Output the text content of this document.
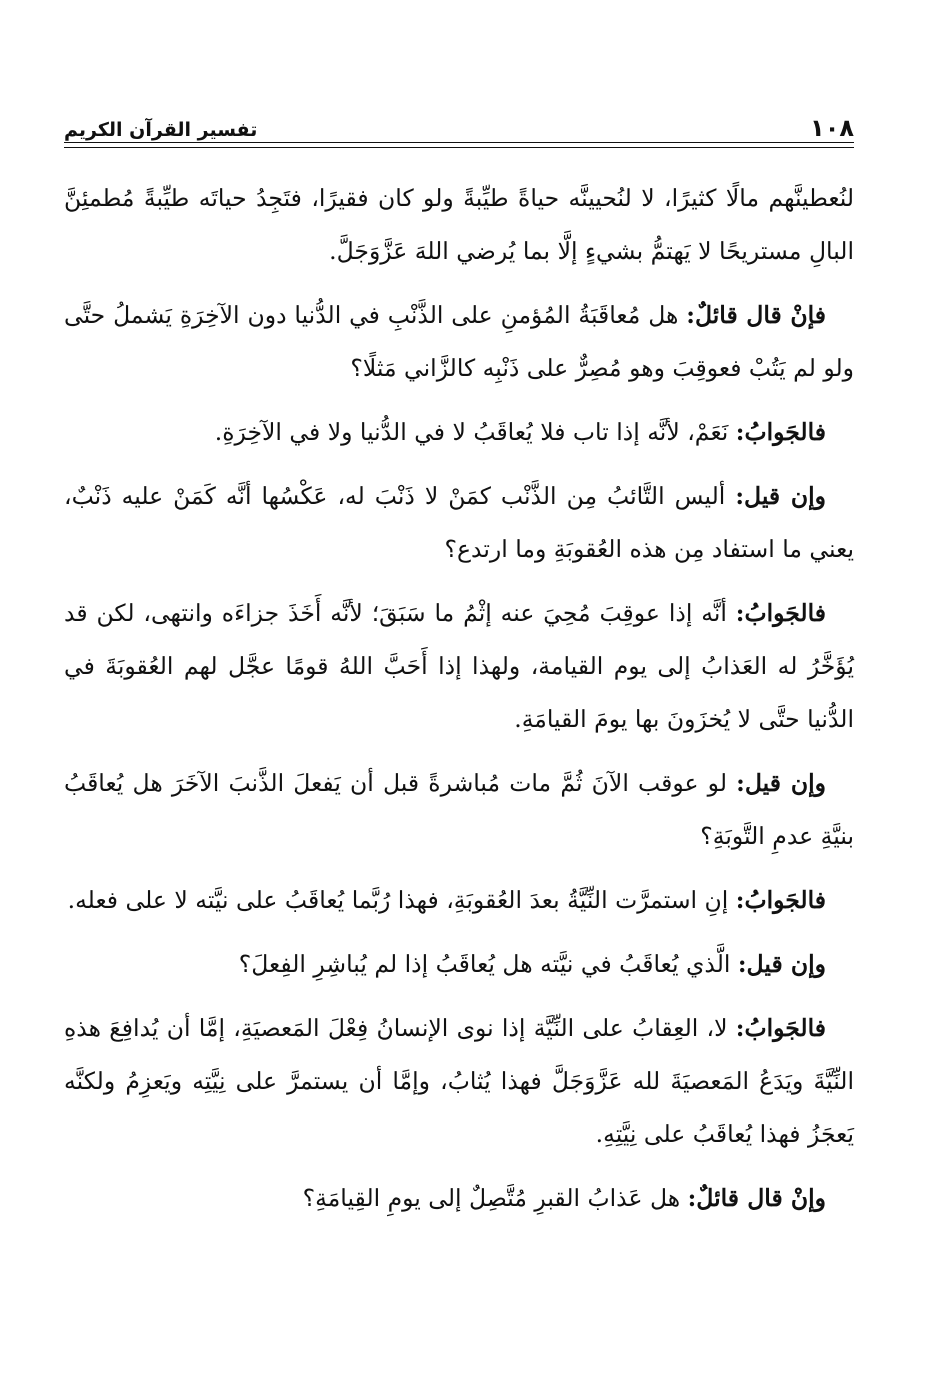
١٠٨
تفسير القرآن الكريم

لنُعطينَّهم مالًا كثيرًا، لا لنُحيينَّه حياةً طيِّبةً ولو كان فقيرًا، فتَجِدُ حياتَه طيِّبةً مُطمئِنَّ البالِ مستريحًا لا يَهتمُّ بشيءٍ إلَّا بما يُرضي اللهَ عَزَّوَجَلَّ.

فإنْ قال قائلٌ: هل مُعاقَبَةُ المُؤمنِ على الذَّنْبِ في الدُّنيا دون الآخِرَةِ يَشملُ حتَّى ولو لم يَتُبْ فعوقِبَ وهو مُصِرٌّ على ذَنْبِه كالزَّاني مَثلًا؟

فالجَوابُ: نَعَمْ، لأنَّه إذا تاب فلا يُعاقَبُ لا في الدُّنيا ولا في الآخِرَةِ.

وإن قيل: أليس التَّائبُ مِن الذَّنْب كمَنْ لا ذَنْبَ له، عَكْسُها أنَّه كَمَنْ عليه ذَنْبٌ، يعني ما استفاد مِن هذه العُقوبَةِ وما ارتدع؟

فالجَوابُ: أنَّه إذا عوقِبَ مُحِيَ عنه إثْمُ ما سَبَقَ؛ لأنَّه أَخَذَ جزاءَه وانتهى، لكن قد يُؤَخَّرُ له العَذابُ إلى يوم القيامة، ولهذا إذا أَحَبَّ اللهُ قومًا عجَّل لهم العُقوبَةَ في الدُّنيا حتَّى لا يُخزَونَ بها يومَ القيامَةِ.

وإن قيل: لو عوقب الآنَ ثُمَّ مات مُباشرةً قبل أن يَفعلَ الذَّنبَ الآخَرَ هل يُعاقَبُ بنيَّةِ عدمِ التَّوبَةِ؟

فالجَوابُ: إنِ استمرَّت النِّيَّةُ بعدَ العُقوبَةِ، فهذا رُبَّما يُعاقَبُ على نيَّته لا على فعله.

وإن قيل: الَّذي يُعاقَبُ في نيَّته هل يُعاقَبُ إذا لم يُباشِرِ الفِعلَ؟

فالجَوابُ: لا، العِقابُ على النِّيَّة إذا نوى الإنسانُ فِعْلَ المَعصيَةِ، إمَّا أن يُدافِعَ هذهِ النِّيَّةَ ويَدَعُ المَعصيَةَ لله عَزَّوَجَلَّ فهذا يُثابُ، وإمَّا أن يستمرَّ على نِيَّتِه ويَعزِمُ ولكنَّه يَعجَزُ فهذا يُعاقَبُ على نِيَّتِهِ.

وإنْ قال قائلٌ: هل عَذابُ القبرِ مُتَّصِلٌ إلى يومِ القِيامَةِ؟
